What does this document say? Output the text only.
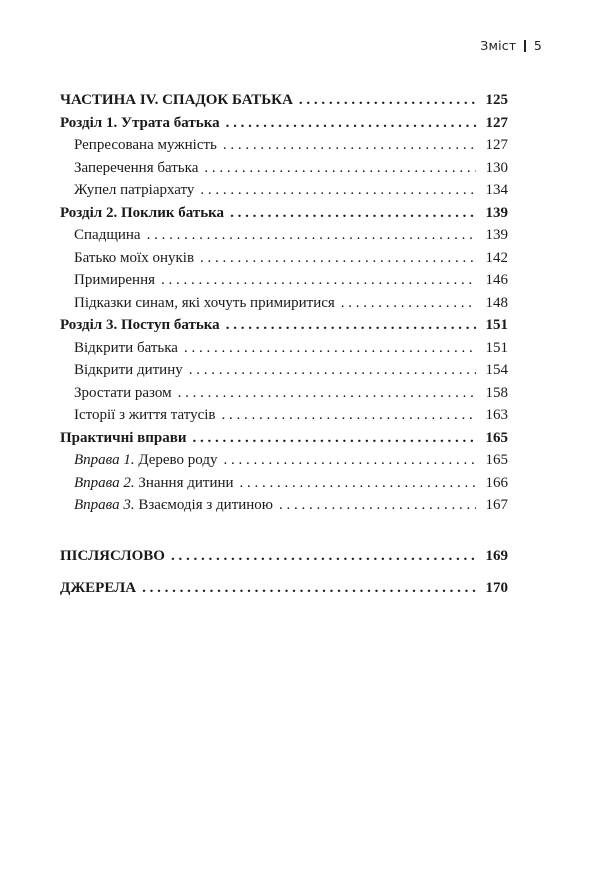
Зміст 5
ЧАСТИНА IV. СПАДОК БАТЬКА . . .	125
Розділ 1. Утрата батька . . .	127
Репресована мужність . . .	127
Заперечення батька . . .	130
Жупел патріархату . . .	134
Розділ 2. Поклик батька . . .	139
Спадщина . . .	139
Батько моїх онуків . . .	142
Примирення . . .	146
Підказки синам, які хочуть примиритися . . .	148
Розділ 3. Поступ батька . . .	151
Відкрити батька . . .	151
Відкрити дитину . . .	154
Зростати разом . . .	158
Історії з життя татусів . . .	163
Практичні вправи . . .	165
Вправа 1. Дерево роду . . .	165
Вправа 2. Знання дитини . . .	166
Вправа 3. Взаємодія з дитиною . . .	167
ПІСЛЯСЛОВО . . .	169
ДЖЕРЕЛА . . .	170
